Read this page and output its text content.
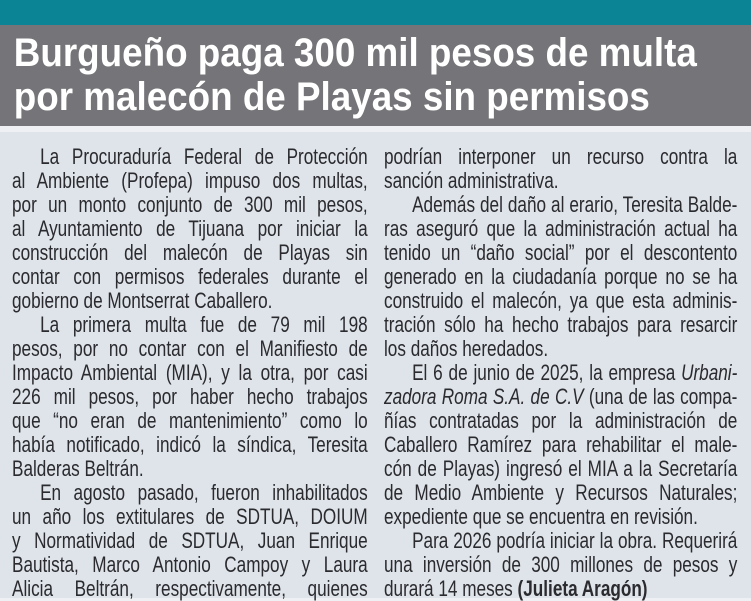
Burgueño paga 300 mil pesos de multa
por malecón de Playas sin permisos
La Procuraduría Federal de Protección
al Ambiente (Profepa) impuso dos multas,
por un monto conjunto de 300 mil pesos,
al Ayuntamiento de Tijuana por iniciar la
construcción del malecón de Playas sin
contar con permisos federales durante el
gobierno de Montserrat Caballero.
La primera multa fue de 79 mil 198
pesos, por no contar con el Manifiesto de
Impacto Ambiental (MIA), y la otra, por casi
226 mil pesos, por haber hecho trabajos
que “no eran de mantenimiento” como lo
había notificado, indicó la síndica, Teresita
Balderas Beltrán.
En agosto pasado, fueron inhabilitados
un año los extitulares de SDTUA, DOIUM
y Normatividad de SDTUA, Juan Enrique
Bautista, Marco Antonio Campoy y Laura
Alicia Beltrán, respectivamente, quienes
podrían interponer un recurso contra la
sanción administrativa.
Además del daño al erario, Teresita Balde-
ras aseguró que la administración actual ha
tenido un “daño social” por el descontento
generado en la ciudadanía porque no se ha
construido el malecón, ya que esta adminis-
tración sólo ha hecho trabajos para resarcir
los daños heredados.
El 6 de junio de 2025, la empresa Urbani-
zadora Roma S.A. de C.V (una de las compa-
ñías contratadas por la administración de
Caballero Ramírez para rehabilitar el male-
cón de Playas) ingresó el MIA a la Secretaría
de Medio Ambiente y Recursos Naturales;
expediente que se encuentra en revisión.
Para 2026 podría iniciar la obra. Requerirá
una inversión de 300 millones de pesos y
durará 14 meses (Julieta Aragón)
